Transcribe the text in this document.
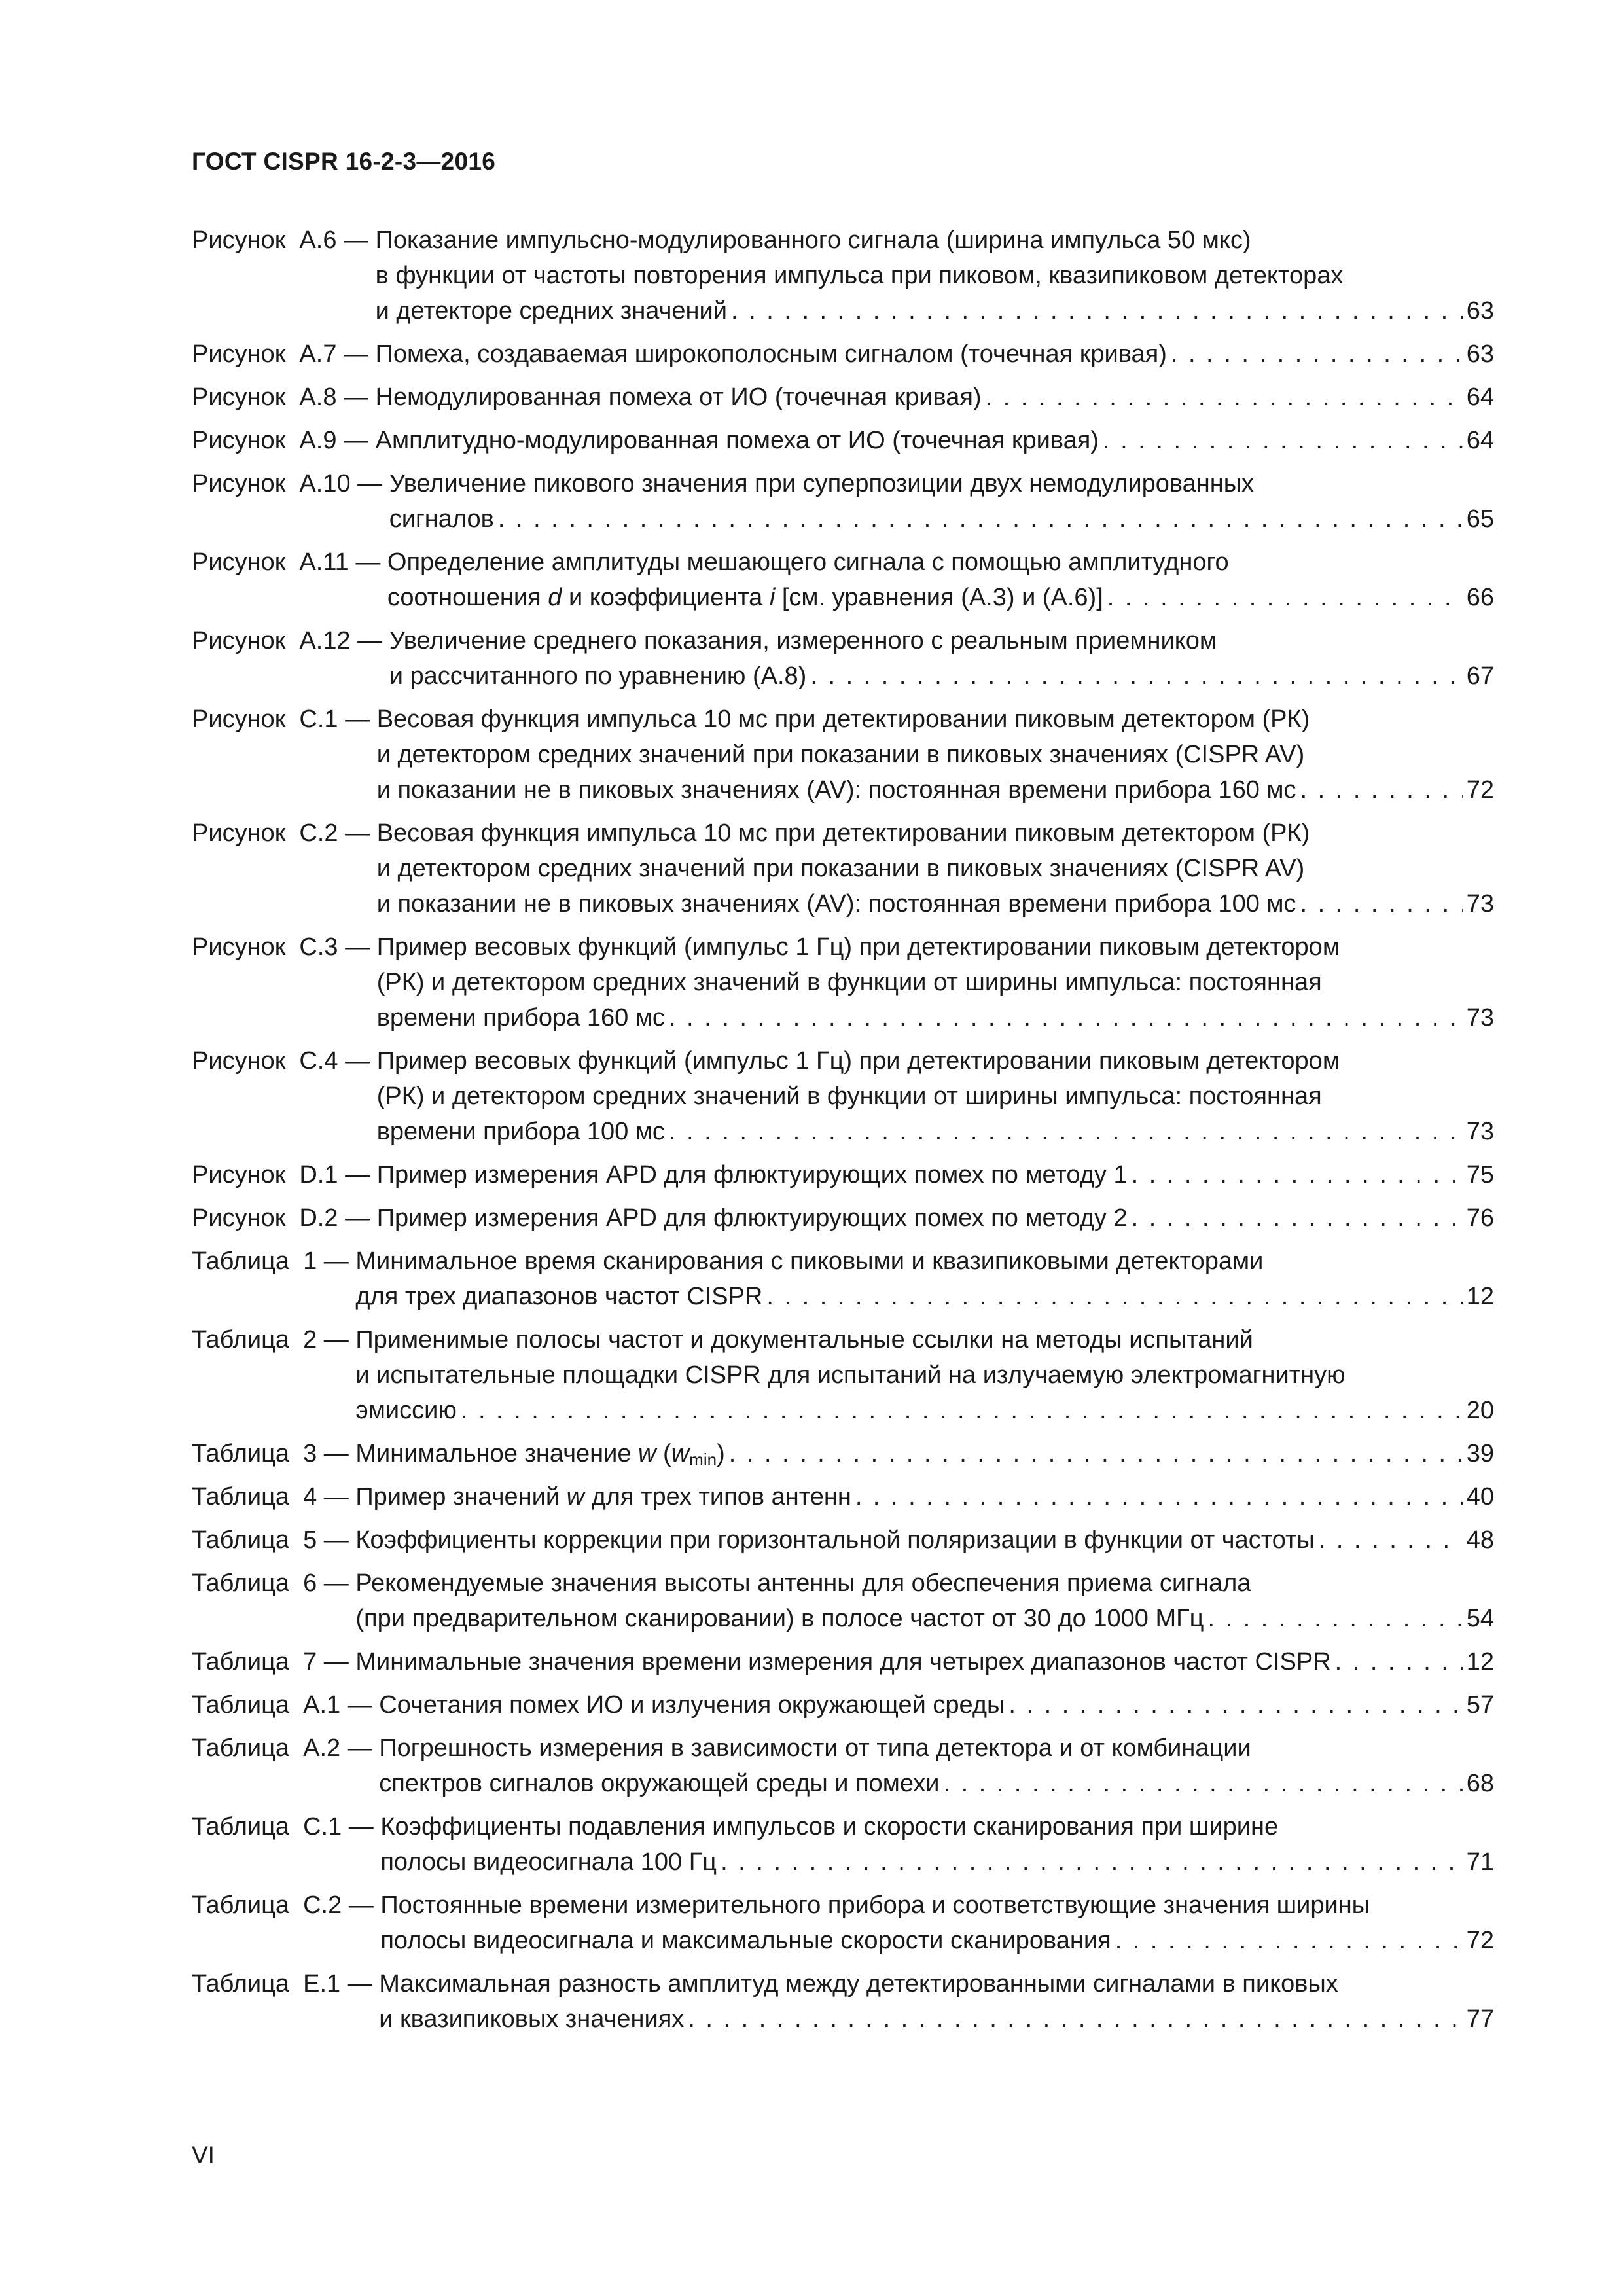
ГОСТ CISPR 16-2-3—2016
Рисунок  А.6 — Показание импульсно-модулированного сигнала (ширина импульса 50 мкс)
в функции от частоты повторения импульса при пиковом, квазипиковом детекторах
и детекторе средних значений . . .	63
Рисунок  А.7 — Помеха, создаваемая широкополосным сигналом (точечная кривая) . . .	63
Рисунок  А.8 — Немодулированная помеха от ИО (точечная кривая) . . .	64
Рисунок  А.9 — Амплитудно-модулированная помеха от ИО (точечная кривая) . . .	64
Рисунок  А.10 — Увеличение пикового значения при суперпозиции двух немодулированных
сигналов . . .	65
Рисунок  А.11 — Определение амплитуды мешающего сигнала с помощью амплитудного
соотношения d и коэффициента i [см. уравнения (А.3) и (А.6)] . . .	66
Рисунок  А.12 — Увеличение среднего показания, измеренного с реальным приемником
и рассчитанного по уравнению (А.8) . . .	67
Рисунок  С.1 — Весовая функция импульса 10 мс при детектировании пиковым детектором (РК)
и детектором средних значений при показании в пиковых значениях (CISPR AV)
и показании не в пиковых значениях (AV): постоянная времени прибора 160 мс . . .	72
Рисунок  С.2 — Весовая функция импульса 10 мс при детектировании пиковым детектором (РК)
и детектором средних значений при показании в пиковых значениях (CISPR AV)
и показании не в пиковых значениях (AV): постоянная времени прибора 100 мс . . .	73
Рисунок  С.3 — Пример весовых функций (импульс 1 Гц) при детектировании пиковым детектором
(РК) и детектором средних значений в функции от ширины импульса: постоянная
времени прибора 160 мс . . .	73
Рисунок  С.4 — Пример весовых функций (импульс 1 Гц) при детектировании пиковым детектором
(РК) и детектором средних значений в функции от ширины импульса: постоянная
времени прибора 100 мс . . .	73
Рисунок  D.1 — Пример измерения APD для флюктуирующих помех по методу 1 . . .	75
Рисунок  D.2 — Пример измерения APD для флюктуирующих помех по методу 2 . . .	76
Таблица  1 — Минимальное время сканирования с пиковыми и квазипиковыми детекторами
для трех диапазонов частот CISPR . . .	12
Таблица  2 — Применимые полосы частот и документальные ссылки на методы испытаний
и испытательные площадки CISPR для испытаний на излучаемую электромагнитную
эмиссию . . .	20
Таблица  3 — Минимальное значение w $(w_{min})$ . . .	39
Таблица  4 — Пример значений w для трех типов антенн . . .	40
Таблица  5 — Коэффициенты коррекции при горизонтальной поляризации в функции от частоты . . .	48
Таблица  6 — Рекомендуемые значения высоты антенны для обеспечения приема сигнала
(при предварительном сканировании) в полосе частот от 30 до 1000 МГц . . .	54
Таблица  7 — Минимальные значения времени измерения для четырех диапазонов частот CISPR . . .	12
Таблица  А.1 — Сочетания помех ИО и излучения окружающей среды . . .	57
Таблица  А.2 — Погрешность измерения в зависимости от типа детектора и от комбинации
спектров сигналов окружающей среды и помехи . . .	68
Таблица  С.1 — Коэффициенты подавления импульсов и скорости сканирования при ширине
полосы видеосигнала 100 Гц . . .	71
Таблица  С.2 — Постоянные времени измерительного прибора и соответствующие значения ширины
полосы видеосигнала и максимальные скорости сканирования . . .	72
Таблица  Е.1 — Максимальная разность амплитуд между детектированными сигналами в пиковых
и квазипиковых значениях . . .	77
VI
